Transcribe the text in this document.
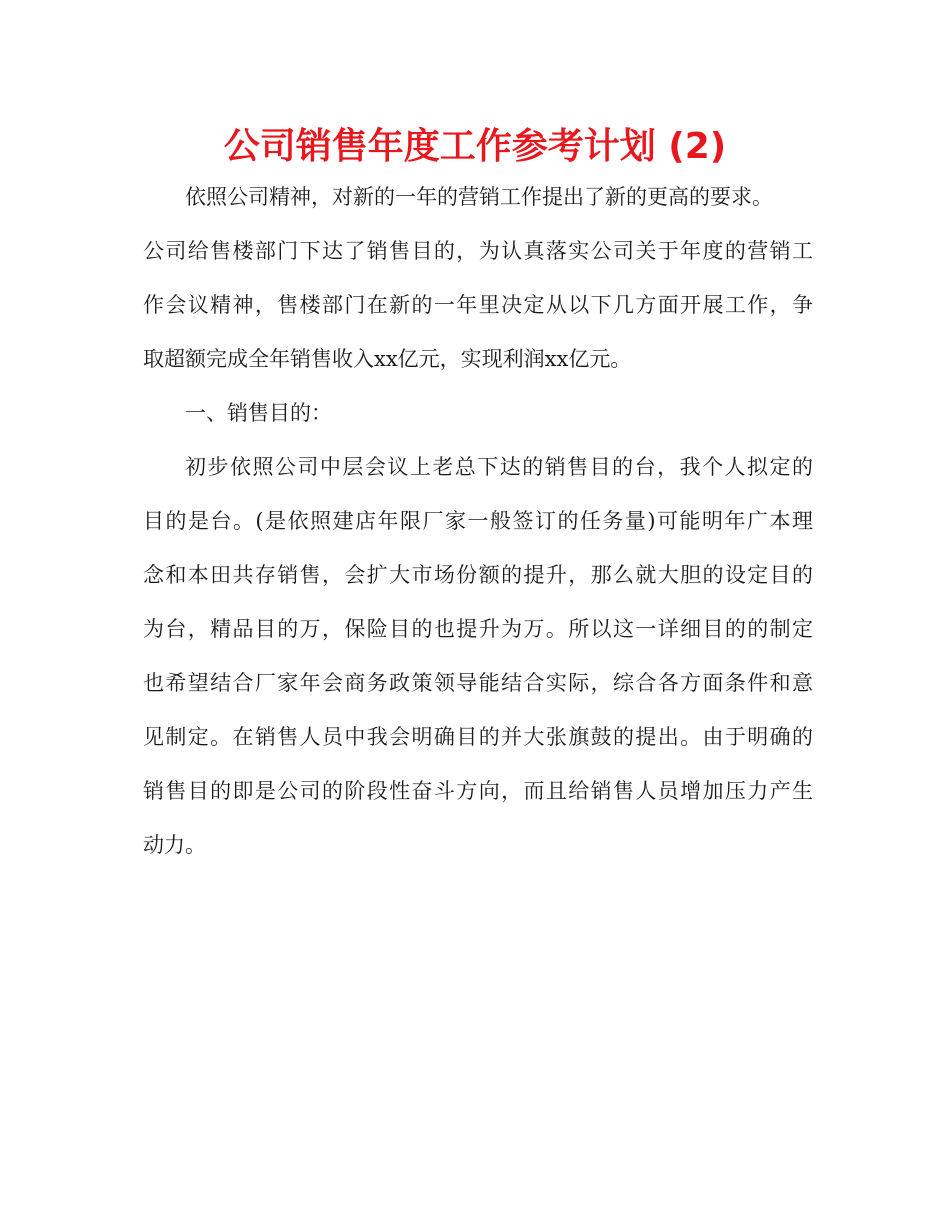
公司销售年度工作参考计划 (2)
依照公司精神，对新的一年的营销工作提出了新的更高的要求。
公司给售楼部门下达了销售目的，为认真落实公司关于年度的营销工
作会议精神，售楼部门在新的一年里决定从以下几方面开展工作，争
取超额完成全年销售收入xx亿元，实现利润xx亿元。
一、销售目的：
初步依照公司中层会议上老总下达的销售目的台，我个人拟定的
目的是台。(是依照建店年限厂家一般签订的任务量)可能明年广本理
念和本田共存销售，会扩大市场份额的提升，那么就大胆的设定目的
为台，精品目的万，保险目的也提升为万。所以这一详细目的的制定
也希望结合厂家年会商务政策领导能结合实际，综合各方面条件和意
见制定。在销售人员中我会明确目的并大张旗鼓的提出。由于明确的
销售目的即是公司的阶段性奋斗方向，而且给销售人员增加压力产生
动力。
